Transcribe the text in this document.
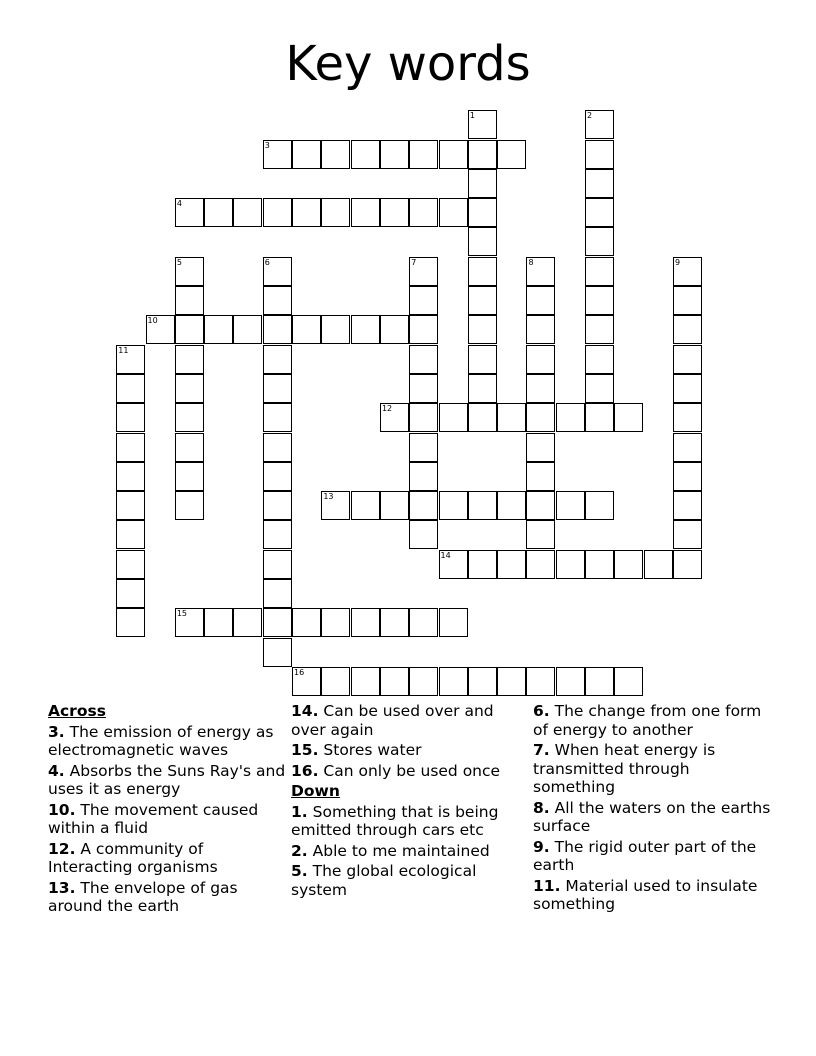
Key words
1	2
3
4
5	6	7	8	9
10
11
12
13
14
15
16
Across
3. The emission of energy as electromagnetic waves
4. Absorbs the Suns Ray's and uses it as energy
10. The movement caused within a fluid
12. A community of Interacting organisms
13. The envelope of gas around the earth
14. Can be used over and over again
15. Stores water
16. Can only be used once
Down
1. Something that is being emitted through cars etc
2. Able to me maintained
5. The global ecological system
6. The change from one form of energy to another
7. When heat energy is transmitted through something
8. All the waters on the earths surface
9. The rigid outer part of the earth
11. Material used to insulate something
